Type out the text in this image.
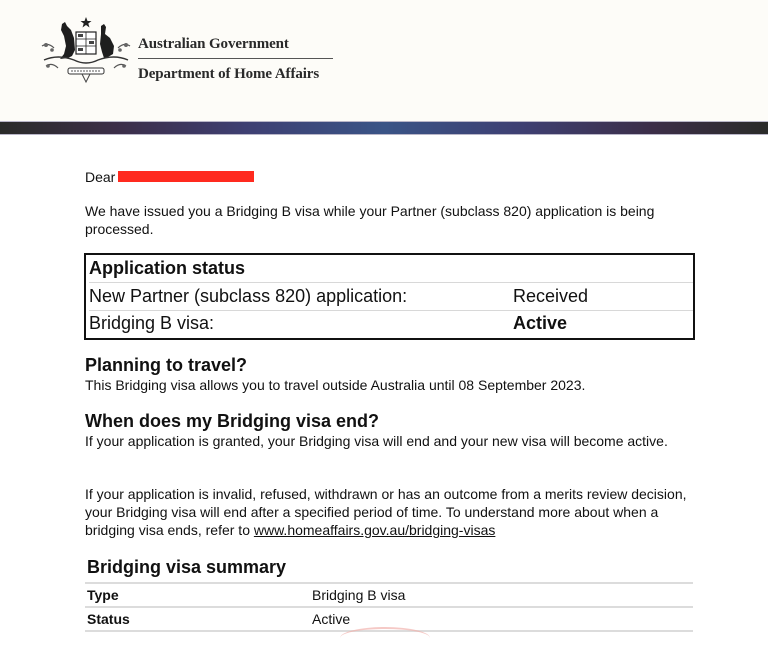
Australian Government
Department of Home Affairs
Dear
We have issued you a Bridging B visa while your Partner (subclass 820) application is being processed.
Application status
New Partner (subclass 820) application:	Received
Bridging B visa:	Active
Planning to travel?
This Bridging visa allows you to travel outside Australia until 08 September 2023.
When does my Bridging visa end?
If your application is granted, your Bridging visa will end and your new visa will become active.
If your application is invalid, refused, withdrawn or has an outcome from a merits review decision, your Bridging visa will end after a specified period of time. To understand more about when a bridging visa ends, refer to www.homeaffairs.gov.au/bridging-visas
Bridging visa summary
Type	Bridging B visa
Status	Active
